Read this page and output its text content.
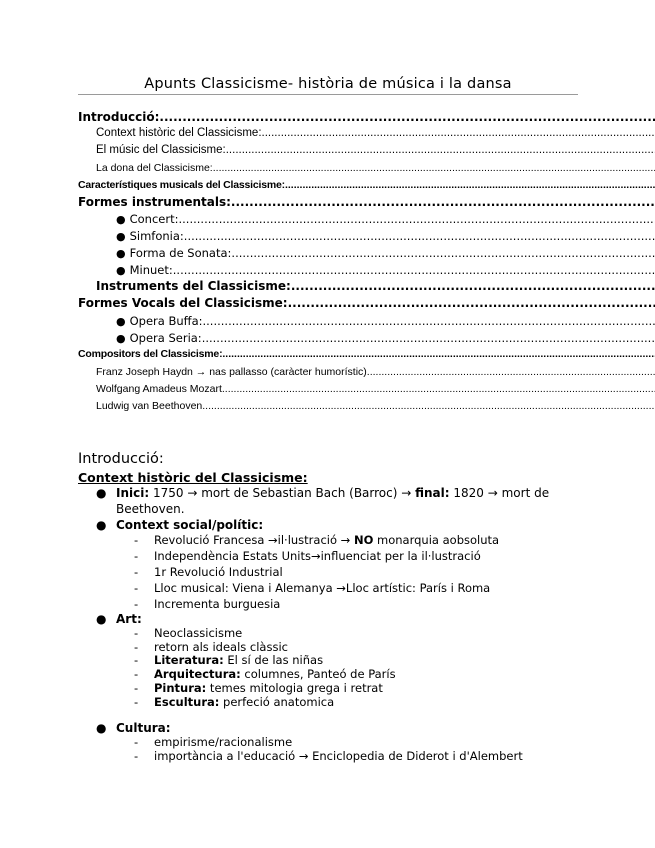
Apunts Classicisme- història de música i la dansa
Introducció: .....
Context històric del Classicisme: .....
El músic del Classicisme: .....
La dona del Classicisme: .....
Característiques musicals del Classicisme: .....
Formes instrumentals: .....
● Concert: .....
● Simfonia: .....
● Forma de Sonata: .....
● Minuet: .....
Instruments del Classicisme: .....
Formes Vocals del Classicisme: .....
● Opera Buffa: .....
● Opera Seria: .....
Compositors del Classicisme: .....
Franz Joseph Haydn → nas pallasso (caràcter humorístic) .....
Wolfgang Amadeus Mozart .....
Ludwig van Beethoven .....
Introducció:
Context històric del Classicisme:
● Inici: 1750 → mort de Sebastian Bach (Barroc) → final: 1820 → mort de
Beethoven.
● Context social/polític:
- Revolució Francesa →il·lustració → NO monarquia aobsoluta
- Independència Estats Units→influenciat per la il·lustració
- 1r Revolució Industrial
- Lloc musical: Viena i Alemanya →Lloc artístic: París i Roma
- Incrementa burguesia
● Art:
- Neoclassicisme
- retorn als ideals clàssic
- Literatura: El sí de las niñas
- Arquitectura: columnes, Panteó de París
- Pintura: temes mitologia grega i retrat
- Escultura: perfeció anatomica
● Cultura:
- empirisme/racionalisme
- importància a l'educació → Enciclopedia de Diderot i d'Alembert
